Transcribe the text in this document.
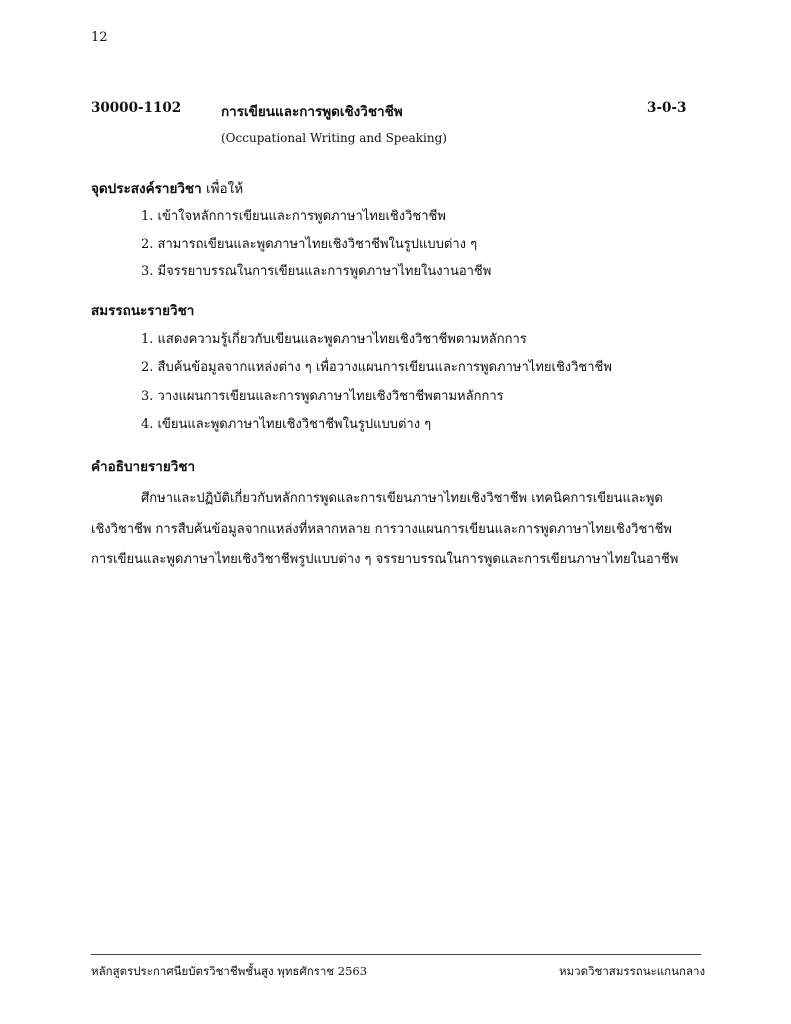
12
30000-1102	การเขียนและการพูดเชิงวิชาชีพ	3-0-3
(Occupational Writing and Speaking)
จุดประสงค์รายวิชา เพื่อให้
1. เข้าใจหลักการเขียนและการพูดภาษาไทยเชิงวิชาชีพ
2. สามารถเขียนและพูดภาษาไทยเชิงวิชาชีพในรูปแบบต่าง ๆ
3. มีจรรยาบรรณในการเขียนและการพูดภาษาไทยในงานอาชีพ
สมรรถนะรายวิชา
1. แสดงความรู้เกี่ยวกับเขียนและพูดภาษาไทยเชิงวิชาชีพตามหลักการ
2. สืบค้นข้อมูลจากแหล่งต่าง ๆ เพื่อวางแผนการเขียนและการพูดภาษาไทยเชิงวิชาชีพ
3. วางแผนการเขียนและการพูดภาษาไทยเชิงวิชาชีพตามหลักการ
4. เขียนและพูดภาษาไทยเชิงวิชาชีพในรูปแบบต่าง ๆ
คำอธิบายรายวิชา

ศึกษาและปฏิบัติเกี่ยวกับหลักการพูดและการเขียนภาษาไทยเชิงวิชาชีพ เทคนิคการเขียนและพูด

เชิงวิชาชีพ การสืบค้นข้อมูลจากแหล่งที่หลากหลาย การวางแผนการเขียนและการพูดภาษาไทยเชิงวิชาชีพ

การเขียนและพูดภาษาไทยเชิงวิชาชีพรูปแบบต่าง ๆ จรรยาบรรณในการพูดและการเขียนภาษาไทยในอาชีพ

หลักสูตรประกาศนียบัตรวิชาชีพชั้นสูง พุทธศักราช 2563	หมวดวิชาสมรรถนะแกนกลาง
